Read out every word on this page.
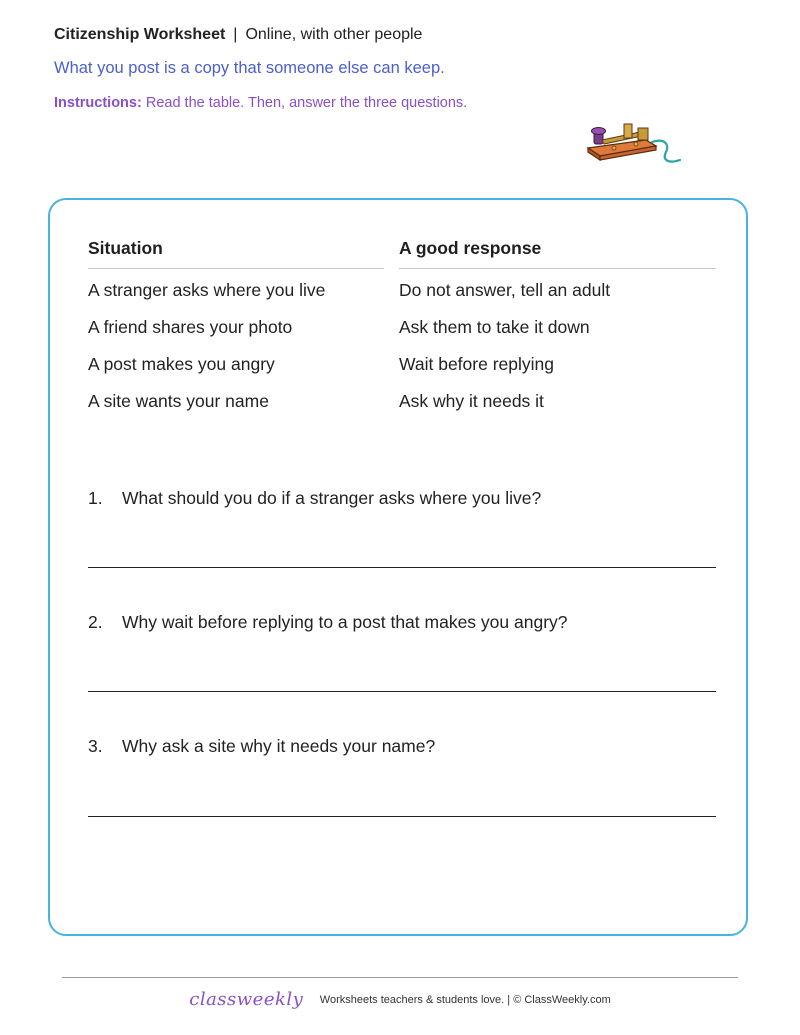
Citizenship Worksheet | Online, with other people
What you post is a copy that someone else can keep.
Instructions: Read the table. Then, answer the three questions.
Situation
A stranger asks where you live
A friend shares your photo
A post makes you angry
A site wants your name
A good response
Do not answer, tell an adult
Ask them to take it down
Wait before replying
Ask why it needs it
1. What should you do if a stranger asks where you live?
2. Why wait before replying to a post that makes you angry?
3. Why ask a site why it needs your name?
classweekly Worksheets teachers & students love. | © ClassWeekly.com
